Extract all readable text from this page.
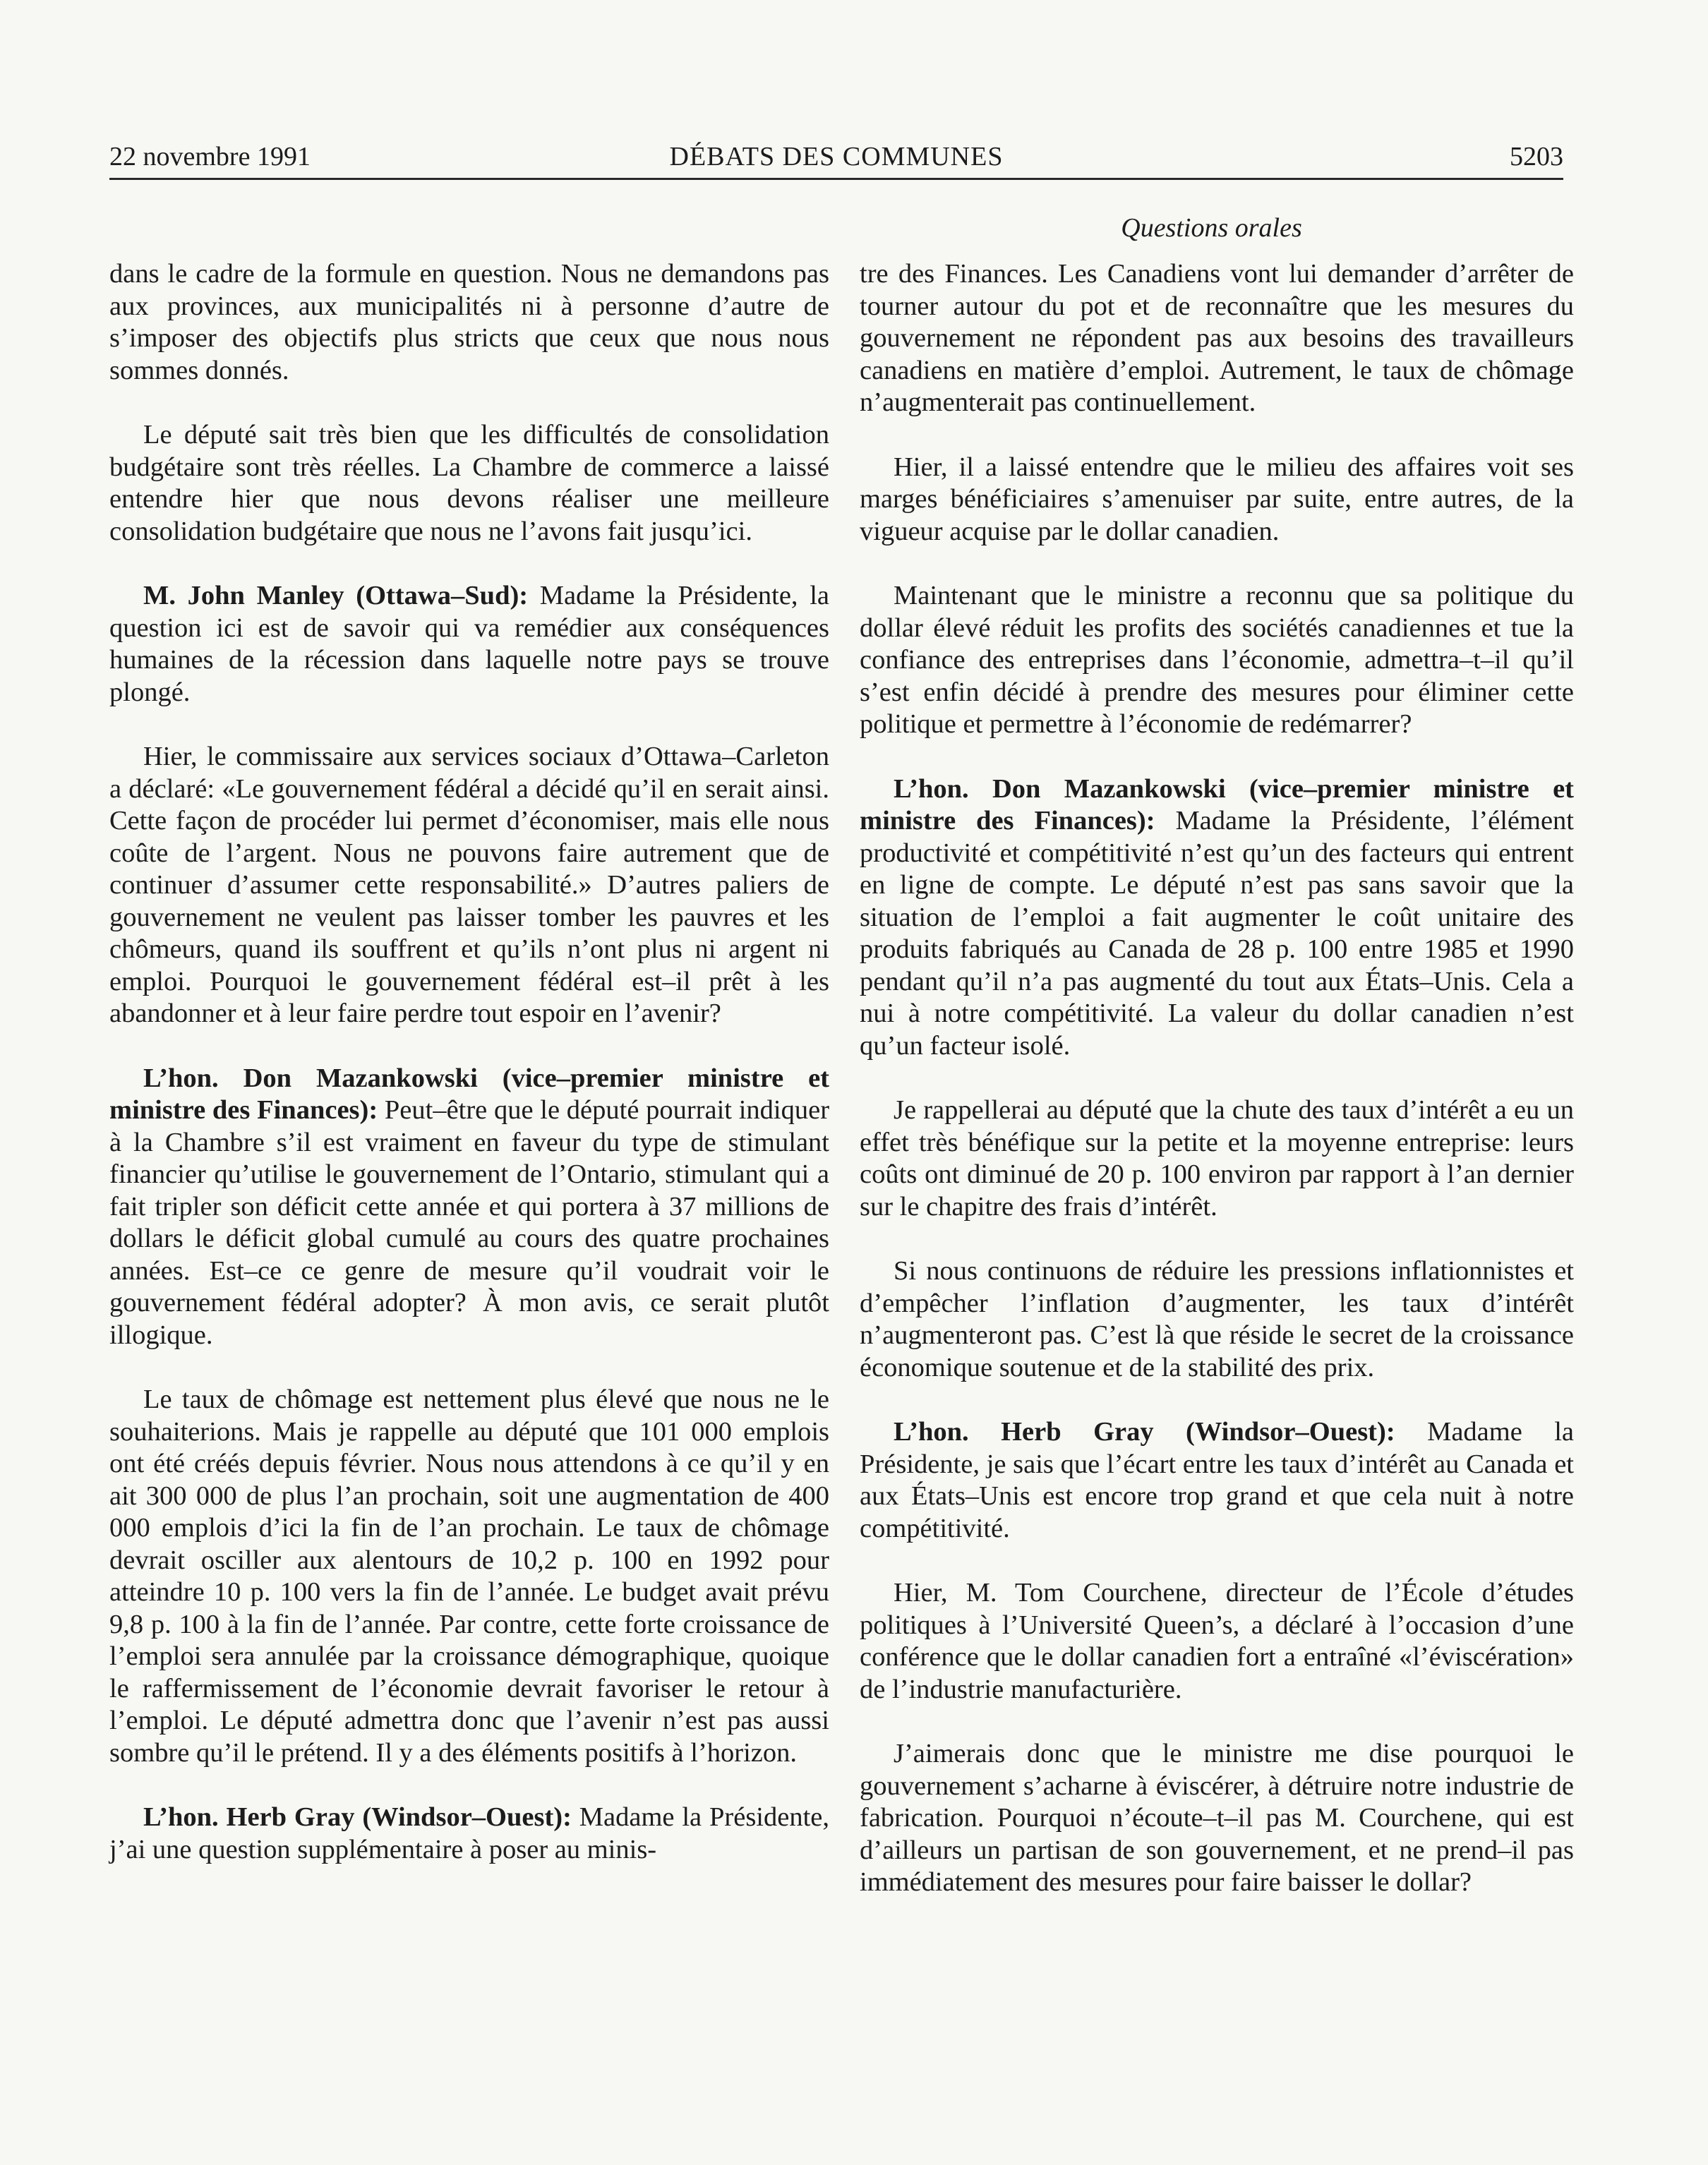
22 novembre 1991	DÉBATS DES COMMUNES	5203
Questions orales

dans le cadre de la formule en question. Nous ne demandons pas aux provinces, aux municipalités ni à personne d’autre de s’imposer des objectifs plus stricts que ceux que nous nous sommes donnés.

Le député sait très bien que les difficultés de consolidation budgétaire sont très réelles. La Chambre de commerce a laissé entendre hier que nous devons réaliser une meilleure consolidation budgétaire que nous ne l’avons fait jusqu’ici.

M. John Manley (Ottawa–Sud): Madame la Présidente, la question ici est de savoir qui va remédier aux conséquences humaines de la récession dans laquelle notre pays se trouve plongé.

Hier, le commissaire aux services sociaux d’Ottawa–Carleton a déclaré: «Le gouvernement fédéral a décidé qu’il en serait ainsi. Cette façon de procéder lui permet d’économiser, mais elle nous coûte de l’argent. Nous ne pouvons faire autrement que de continuer d’assumer cette responsabilité.» D’autres paliers de gouvernement ne veulent pas laisser tomber les pauvres et les chômeurs, quand ils souffrent et qu’ils n’ont plus ni argent ni emploi. Pourquoi le gouvernement fédéral est–il prêt à les abandonner et à leur faire perdre tout espoir en l’avenir?

L’hon. Don Mazankowski (vice–premier ministre et ministre des Finances): Peut–être que le député pourrait indiquer à la Chambre s’il est vraiment en faveur du type de stimulant financier qu’utilise le gouvernement de l’Ontario, stimulant qui a fait tripler son déficit cette année et qui portera à 37 millions de dollars le déficit global cumulé au cours des quatre prochaines années. Est–ce ce genre de mesure qu’il voudrait voir le gouvernement fédéral adopter? À mon avis, ce serait plutôt illogique.

Le taux de chômage est nettement plus élevé que nous ne le souhaiterions. Mais je rappelle au député que 101 000 emplois ont été créés depuis février. Nous nous attendons à ce qu’il y en ait 300 000 de plus l’an prochain, soit une augmentation de 400 000 emplois d’ici la fin de l’an prochain. Le taux de chômage devrait osciller aux alentours de 10,2 p. 100 en 1992 pour atteindre 10 p. 100 vers la fin de l’année. Le budget avait prévu 9,8 p. 100 à la fin de l’année. Par contre, cette forte croissance de l’emploi sera annulée par la croissance démographique, quoique le raffermissement de l’économie devrait favoriser le retour à l’emploi. Le député admettra donc que l’avenir n’est pas aussi sombre qu’il le prétend. Il y a des éléments positifs à l’horizon.

L’hon. Herb Gray (Windsor–Ouest): Madame la Présidente, j’ai une question supplémentaire à poser au minis-

tre des Finances. Les Canadiens vont lui demander d’arrêter de tourner autour du pot et de reconnaître que les mesures du gouvernement ne répondent pas aux besoins des travailleurs canadiens en matière d’emploi. Autrement, le taux de chômage n’augmenterait pas continuellement.

Hier, il a laissé entendre que le milieu des affaires voit ses marges bénéficiaires s’amenuiser par suite, entre autres, de la vigueur acquise par le dollar canadien.

Maintenant que le ministre a reconnu que sa politique du dollar élevé réduit les profits des sociétés canadiennes et tue la confiance des entreprises dans l’économie, admettra–t–il qu’il s’est enfin décidé à prendre des mesures pour éliminer cette politique et permettre à l’économie de redémarrer?

L’hon. Don Mazankowski (vice–premier ministre et ministre des Finances): Madame la Présidente, l’élément productivité et compétitivité n’est qu’un des facteurs qui entrent en ligne de compte. Le député n’est pas sans savoir que la situation de l’emploi a fait augmenter le coût unitaire des produits fabriqués au Canada de 28 p. 100 entre 1985 et 1990 pendant qu’il n’a pas augmenté du tout aux États–Unis. Cela a nui à notre compétitivité. La valeur du dollar canadien n’est qu’un facteur isolé.

Je rappellerai au député que la chute des taux d’intérêt a eu un effet très bénéfique sur la petite et la moyenne entreprise: leurs coûts ont diminué de 20 p. 100 environ par rapport à l’an dernier sur le chapitre des frais d’intérêt.

Si nous continuons de réduire les pressions inflationnistes et d’empêcher l’inflation d’augmenter, les taux d’intérêt n’augmenteront pas. C’est là que réside le secret de la croissance économique soutenue et de la stabilité des prix.

L’hon. Herb Gray (Windsor–Ouest): Madame la Présidente, je sais que l’écart entre les taux d’intérêt au Canada et aux États–Unis est encore trop grand et que cela nuit à notre compétitivité.

Hier, M. Tom Courchene, directeur de l’École d’études politiques à l’Université Queen’s, a déclaré à l’occasion d’une conférence que le dollar canadien fort a entraîné «l’éviscération» de l’industrie manufacturière.

J’aimerais donc que le ministre me dise pourquoi le gouvernement s’acharne à éviscérer, à détruire notre industrie de fabrication. Pourquoi n’écoute–t–il pas M. Courchene, qui est d’ailleurs un partisan de son gouvernement, et ne prend–il pas immédiatement des mesures pour faire baisser le dollar?
